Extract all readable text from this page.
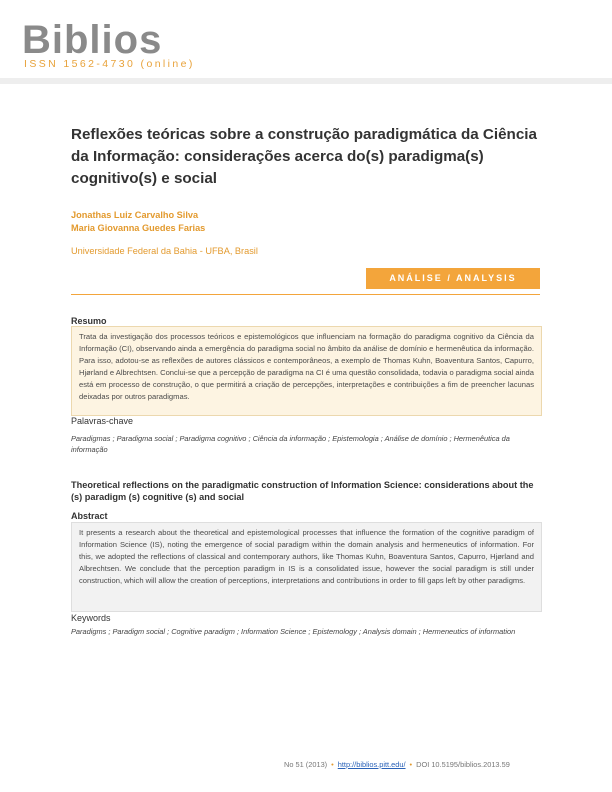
Biblios
ISSN 1562-4730 (online)
Reflexões teóricas sobre a construção paradigmática da Ciência da Informação: considerações acerca do(s) paradigma(s) cognitivo(s) e social
Jonathas Luiz Carvalho Silva
Maria Giovanna Guedes Farias
Universidade Federal da Bahia - UFBA, Brasil
ANÁLISE / ANALYSIS
Resumo
Trata da investigação dos processos teóricos e epistemológicos que influenciam na formação do paradigma cognitivo da Ciência da Informação (CI), observando ainda a emergência do paradigma social no âmbito da análise de domínio e hermenêutica da informação. Para isso, adotou-se as reflexões de autores clássicos e contemporâneos, a exemplo de Thomas Kuhn, Boaventura Santos, Capurro, Hjørland e Albrechtsen. Conclui-se que a percepção de paradigma na CI é uma questão consolidada, todavia o paradigma social ainda está em processo de construção, o que permitirá a criação de percepções, interpretações e contribuições a fim de preencher lacunas deixadas por outros paradigmas.
Palavras-chave
Paradigmas ; Paradigma social ; Paradigma cognitivo ; Ciência da informação ; Epistemologia ; Análise de domínio ; Hermenêutica da informação
Theoretical reflections on the paradigmatic construction of Information Science: considerations about the (s) paradigm (s) cognitive (s) and social
Abstract
It presents a research about the theoretical and epistemological processes that influence the formation of the cognitive paradigm of Information Science (IS), noting the emergence of social paradigm within the domain analysis and hermeneutics of information. For this, we adopted the reflections of classical and contemporary authors, like Thomas Kuhn, Boaventura Santos, Capurro, Hjørland and Albrechtsen. We conclude that the perception paradigm in IS is a consolidated issue, however the social paradigm is still under construction, which will allow the creation of perceptions, interpretations and contributions in order to fill gaps left by other paradigms.
Keywords
Paradigms ; Paradigm social ; Cognitive paradigm ; Information Science ; Epistemology ; Analysis domain ; Hermeneutics of information
No 51 (2013) • http://biblios.pitt.edu/ • DOI 10.5195/biblios.2013.59
